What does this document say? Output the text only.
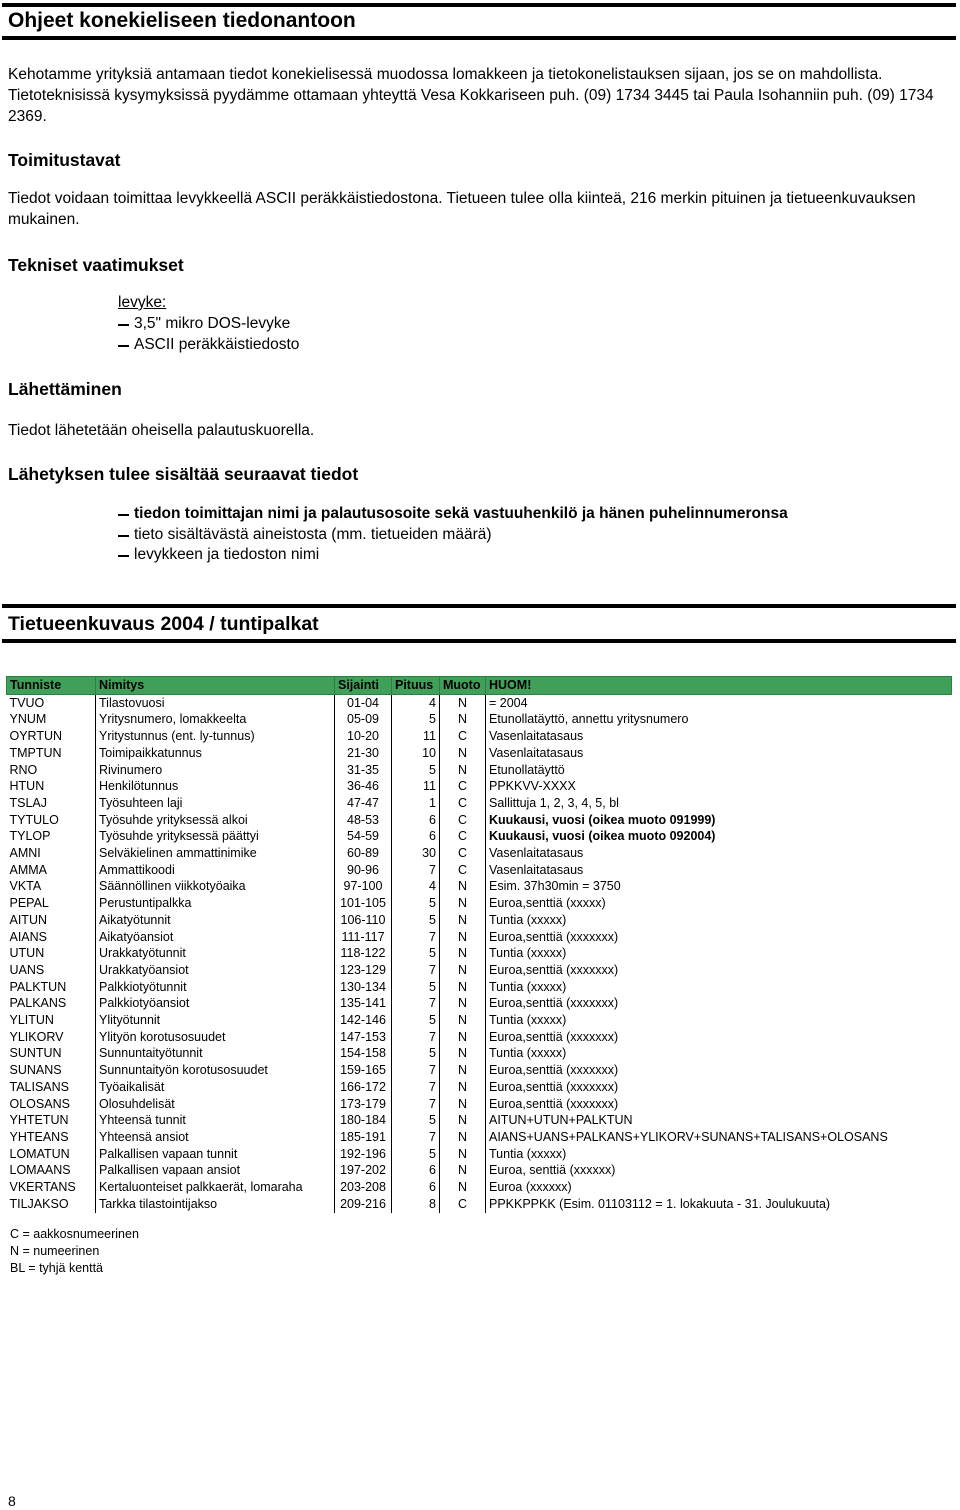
Ohjeet konekieliseen tiedonantoon

Kehotamme yrityksiä antamaan tiedot konekielisessä muodossa lomakkeen ja tietokonelistauksen sijaan, jos se on mahdollista. Tietoteknisissä kysymyksissä pyydämme ottamaan yhteyttä Vesa Kokkariseen puh. (09) 1734 3445 tai Paula Isohanniin puh. (09) 1734 2369.

Toimitustavat

Tiedot voidaan toimittaa levykkeellä ASCII peräkkäistiedostona. Tietueen tulee olla kiinteä, 216 merkin pituinen ja tietueenkuvauksen mukainen.

Tekniset vaatimukset
levyke:
3,5" mikro DOS-levyke
ASCII peräkkäistiedosto
Lähettäminen

Tiedot lähetetään oheisella palautuskuorella.

Lähetyksen tulee sisältää seuraavat tiedot
tiedon toimittajan nimi ja palautusosoite sekä vastuuhenkilö ja hänen puhelinnumeronsa
tieto sisältävästä aineistosta (mm. tietueiden määrä)
levykkeen ja tiedoston nimi
Tietueenkuvaus 2004 / tuntipalkat
Tunniste	Nimitys	Sijainti	Pituus	Muoto	HUOM!
TVUO	Tilastovuosi	01-04	4	N	= 2004
YNUM	Yritysnumero, lomakkeelta	05-09	5	N	Etunollatäyttö, annettu yritysnumero
OYRTUN	Yritystunnus (ent. ly-tunnus)	10-20	11	C	Vasenlaitatasaus
TMPTUN	Toimipaikkatunnus	21-30	10	N	Vasenlaitatasaus
RNO	Rivinumero	31-35	5	N	Etunollatäyttö
HTUN	Henkilötunnus	36-46	11	C	PPKKVV-XXXX
TSLAJ	Työsuhteen laji	47-47	1	C	Sallittuja 1, 2, 3, 4, 5, bl
TYTULO	Työsuhde yrityksessä alkoi	48-53	6	C	Kuukausi, vuosi (oikea muoto 091999)
TYLOP	Työsuhde yrityksessä päättyi	54-59	6	C	Kuukausi, vuosi (oikea muoto 092004)
AMNI	Selväkielinen ammattinimike	60-89	30	C	Vasenlaitatasaus
AMMA	Ammattikoodi	90-96	7	C	Vasenlaitatasaus
VKTA	Säännöllinen viikkotyöaika	97-100	4	N	Esim. 37h30min = 3750
PEPAL	Perustuntipalkka	101-105	5	N	Euroa,senttiä (xxxxx)
AITUN	Aikatyötunnit	106-110	5	N	Tuntia (xxxxx)
AIANS	Aikatyöansiot	111-117	7	N	Euroa,senttiä (xxxxxxx)
UTUN	Urakkatyötunnit	118-122	5	N	Tuntia (xxxxx)
UANS	Urakkatyöansiot	123-129	7	N	Euroa,senttiä (xxxxxxx)
PALKTUN	Palkkiotyötunnit	130-134	5	N	Tuntia (xxxxx)
PALKANS	Palkkiotyöansiot	135-141	7	N	Euroa,senttiä (xxxxxxx)
YLITUN	Ylityötunnit	142-146	5	N	Tuntia (xxxxx)
YLIKORV	Ylityön korotusosuudet	147-153	7	N	Euroa,senttiä (xxxxxxx)
SUNTUN	Sunnuntaityötunnit	154-158	5	N	Tuntia (xxxxx)
SUNANS	Sunnuntaityön korotusosuudet	159-165	7	N	Euroa,senttiä (xxxxxxx)
TALISANS	Työaikalisät	166-172	7	N	Euroa,senttiä (xxxxxxx)
OLOSANS	Olosuhdelisät	173-179	7	N	Euroa,senttiä (xxxxxxx)
YHTETUN	Yhteensä tunnit	180-184	5	N	AITUN+UTUN+PALKTUN
YHTEANS	Yhteensä ansiot	185-191	7	N	AIANS+UANS+PALKANS+YLIKORV+SUNANS+TALISANS+OLOSANS
LOMATUN	Palkallisen vapaan tunnit	192-196	5	N	Tuntia (xxxxx)
LOMAANS	Palkallisen vapaan ansiot	197-202	6	N	Euroa, senttiä (xxxxxx)
VKERTANS	Kertaluonteiset palkkaerät, lomaraha	203-208	6	N	Euroa (xxxxxx)
TILJAKSO	Tarkka tilastointijakso	209-216	8	C	PPKKPPKK (Esim. 01103112 = 1. lokakuuta - 31. Joulukuuta)
C = aakkosnumeerinen
N = numeerinen
BL = tyhjä kenttä
8
